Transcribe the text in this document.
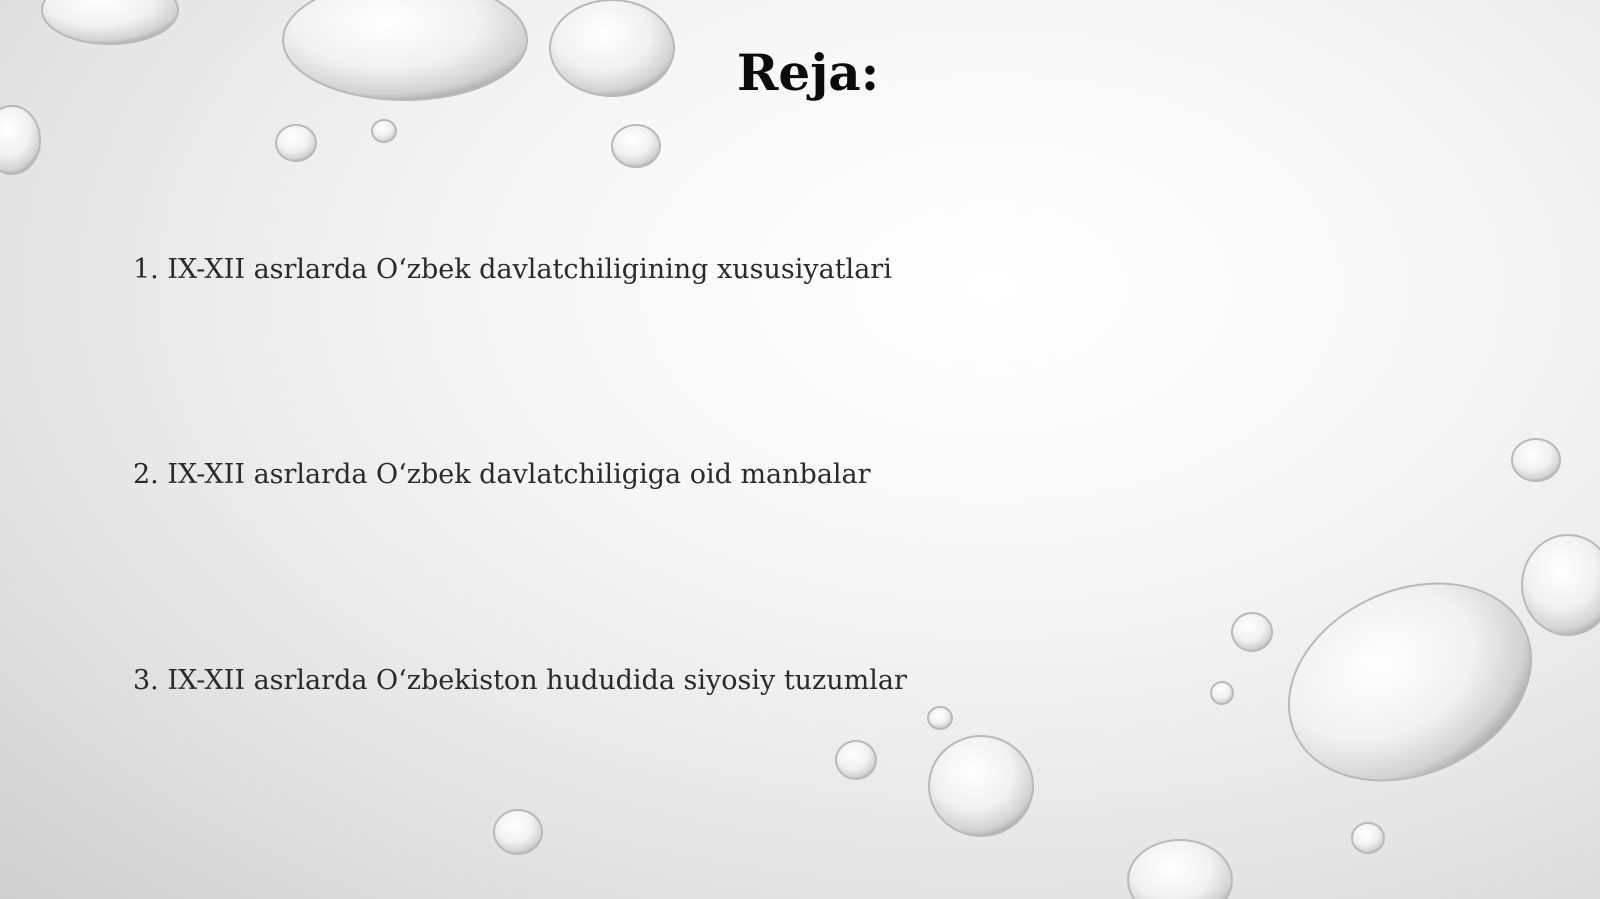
Reja:
1. IX-XII asrlarda O‘zbek davlatchiligining xususiyatlari
2. IX-XII asrlarda O‘zbek davlatchiligiga oid manbalar
3. IX-XII asrlarda O‘zbekiston hududida siyosiy tuzumlar
